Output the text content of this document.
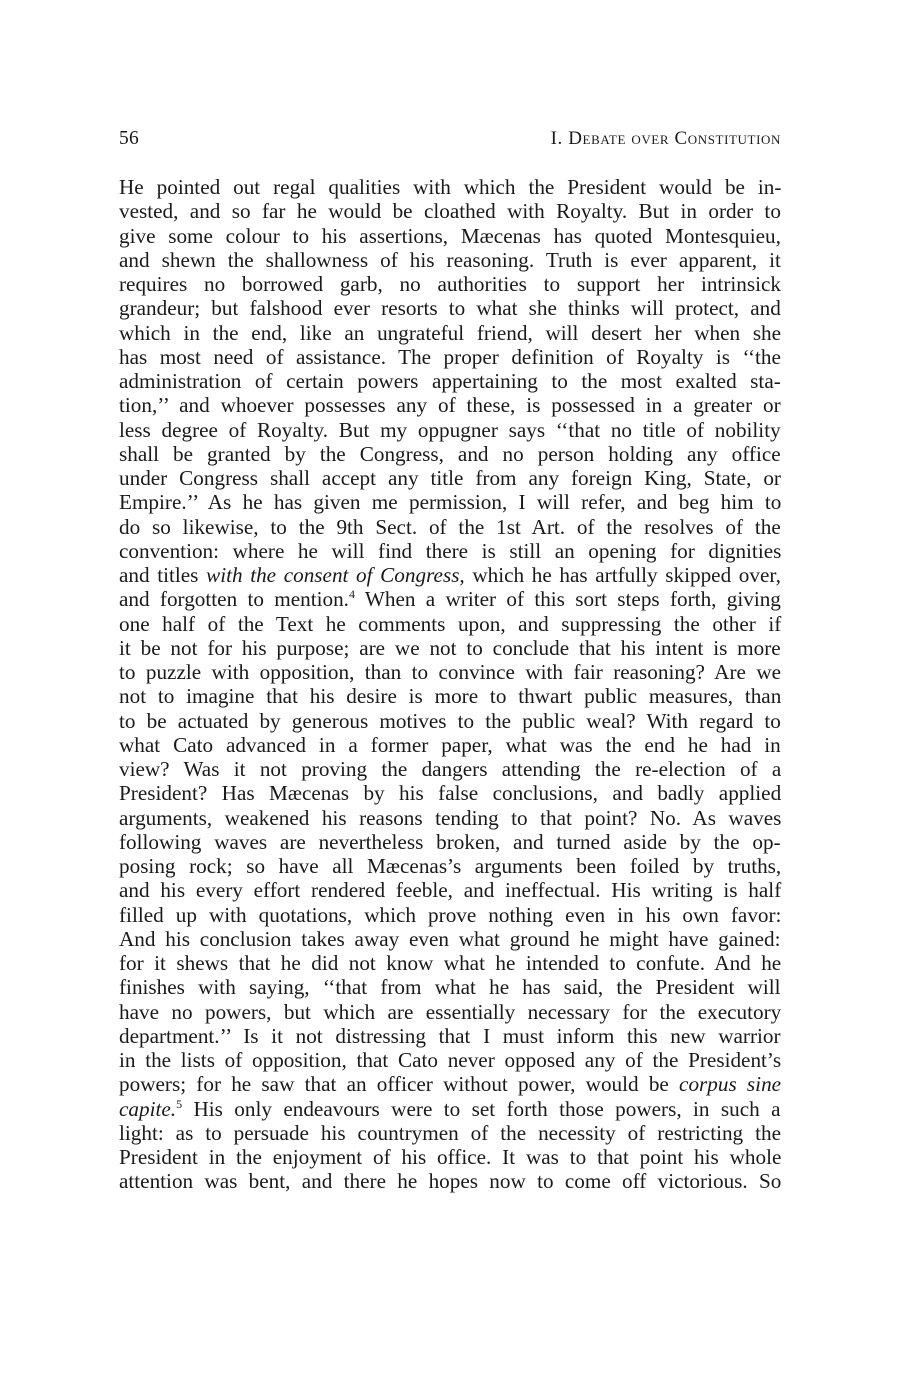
56	I. Debate over Constitution
He pointed out regal qualities with which the President would be in-
vested, and so far he would be cloathed with Royalty. But in order to
give some colour to his assertions, Mæcenas has quoted Montesquieu,
and shewn the shallowness of his reasoning. Truth is ever apparent, it
requires no borrowed garb, no authorities to support her intrinsick
grandeur; but falshood ever resorts to what she thinks will protect, and
which in the end, like an ungrateful friend, will desert her when she
has most need of assistance. The proper definition of Royalty is ‘‘the
administration of certain powers appertaining to the most exalted sta-
tion,’’ and whoever possesses any of these, is possessed in a greater or
less degree of Royalty. But my oppugner says ‘‘that no title of nobility
shall be granted by the Congress, and no person holding any office
under Congress shall accept any title from any foreign King, State, or
Empire.’’ As he has given me permission, I will refer, and beg him to
do so likewise, to the 9th Sect. of the 1st Art. of the resolves of the
convention: where he will find there is still an opening for dignities
and titles with the consent of Congress, which he has artfully skipped over,
and forgotten to mention.$^4$ When a writer of this sort steps forth, giving
one half of the Text he comments upon, and suppressing the other if
it be not for his purpose; are we not to conclude that his intent is more
to puzzle with opposition, than to convince with fair reasoning? Are we
not to imagine that his desire is more to thwart public measures, than
to be actuated by generous motives to the public weal? With regard to
what Cato advanced in a former paper, what was the end he had in
view? Was it not proving the dangers attending the re-election of a
President? Has Mæcenas by his false conclusions, and badly applied
arguments, weakened his reasons tending to that point? No. As waves
following waves are nevertheless broken, and turned aside by the op-
posing rock; so have all Mæcenas’s arguments been foiled by truths,
and his every effort rendered feeble, and ineffectual. His writing is half
filled up with quotations, which prove nothing even in his own favor:
And his conclusion takes away even what ground he might have gained:
for it shews that he did not know what he intended to confute. And he
finishes with saying, ‘‘that from what he has said, the President will
have no powers, but which are essentially necessary for the executory
department.’’ Is it not distressing that I must inform this new warrior
in the lists of opposition, that Cato never opposed any of the President’s
powers; for he saw that an officer without power, would be corpus sine
capite.$^5$ His only endeavours were to set forth those powers, in such a
light: as to persuade his countrymen of the necessity of restricting the
President in the enjoyment of his office. It was to that point his whole
attention was bent, and there he hopes now to come off victorious. So
